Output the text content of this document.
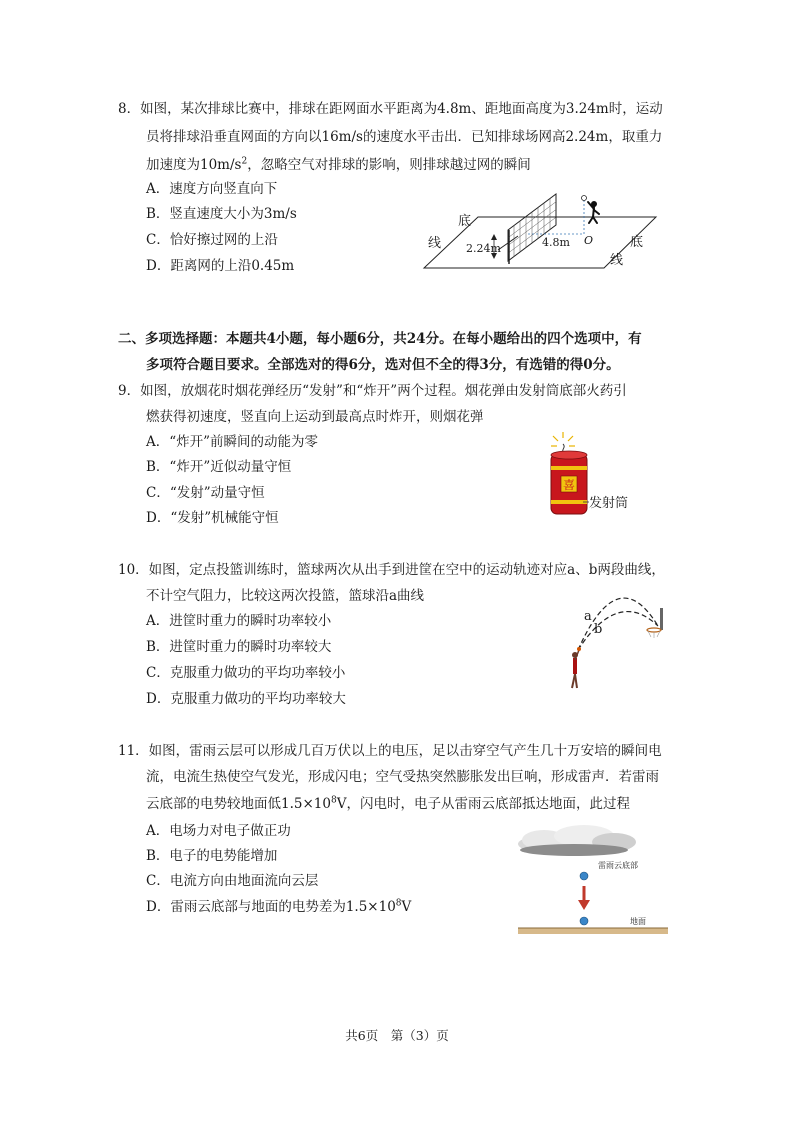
8．如图，某次排球比赛中，排球在距网面水平距离为4.8m、距地面高度为3.24m时，运动
员将排球沿垂直网面的方向以16m/s的速度水平击出．已知排球场网高2.24m，取重力
加速度为$10m/s^2$，忽略空气对排球的影响，则排球越过网的瞬间
A．速度方向竖直向下
B．竖直速度大小为3m/s
C．恰好擦过网的上沿
D．距离网的上沿0.45m
底
线	底
线
2.24m	4.8m O
二、多项选择题：本题共4小题，每小题6分，共24分。在每小题给出的四个选项中，有
多项符合题目要求。全部选对的得6分，选对但不全的得3分，有选错的得0分。
9．如图，放烟花时烟花弹经历“发射”和“炸开”两个过程。烟花弹由发射筒底部火药引
燃获得初速度，竖直向上运动到最高点时炸开，则烟花弹
A．“炸开”前瞬间的动能为零
B．“炸开”近似动量守恒
C．“发射”动量守恒
D．“发射”机械能守恒
喜
发射筒
10．如图，定点投篮训练时，篮球两次从出手到进筐在空中的运动轨迹对应a、b两段曲线，
不计空气阻力，比较这两次投篮，篮球沿a曲线
A．进筐时重力的瞬时功率较小
B．进筐时重力的瞬时功率较大
C．克服重力做功的平均功率较小
D．克服重力做功的平均功率较大
a
b
11．如图，雷雨云层可以形成几百万伏以上的电压，足以击穿空气产生几十万安培的瞬间电
流，电流生热使空气发光，形成闪电；空气受热突然膨胀发出巨响，形成雷声．若雷雨
云底部的电势较地面低$1.5\times 10^8V$，闪电时，电子从雷雨云底部抵达地面，此过程
A．电场力对电子做正功
B．电子的电势能增加
C．电流方向由地面流向云层
D．雷雨云底部与地面的电势差为$1.5\times 10^8V$
雷雨云底部
地面
共6页　第（3）页
